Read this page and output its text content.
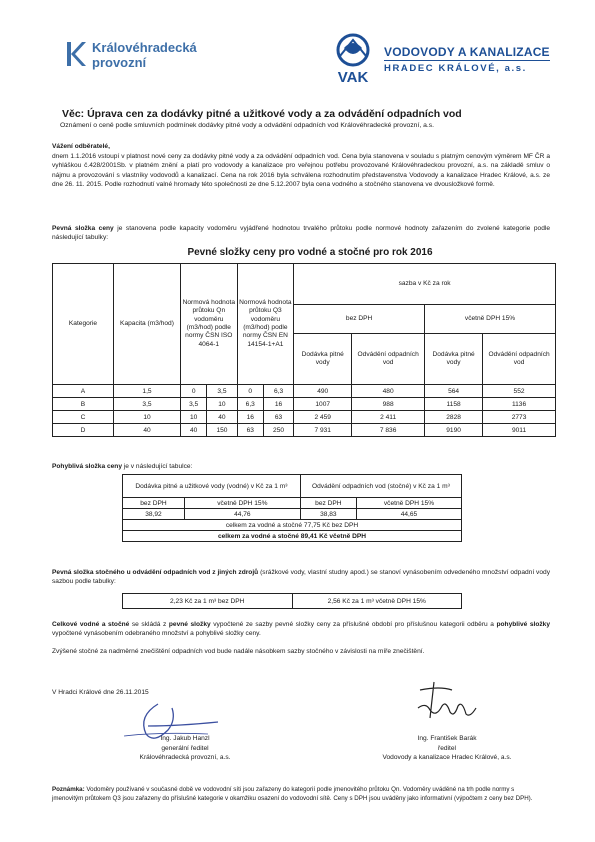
Královéhradecká
provozní
VAK
VODOVODY A KANALIZACE
HRADEC KRÁLOVÉ, a.s.
Věc: Úprava cen za dodávky pitné a užitkové vody a za odvádění odpadních vod
Oznámení o ceně podle smluvních podmínek dodávky pitné vody a odvádění odpadních vod Královéhradecké provozní, a.s.
Vážení odběratelé,
dnem 1.1.2016 vstoupí v platnost nové ceny za dodávky pitné vody a za odvádění odpadních vod. Cena byla stanovena v souladu s platným cenovým výměrem MF ČR a vyhláškou č.428/2001Sb. v platném znění a platí pro vodovody a kanalizace pro veřejnou potřebu provozované Královéhradeckou provozní, a.s. na základě smluv o nájmu a provozování s vlastníky vodovodů a kanalizací. Cena na rok 2016 byla schválena rozhodnutím představenstva Vodovody a kanalizace Hradec Králové, a.s. ze dne 26. 11. 2015. Podle rozhodnutí valné hromady této společnosti ze dne 5.12.2007 byla cena vodného a stočného stanovena ve dvousložkové formě.
Pevná složka ceny je stanovena podle kapacity vodoměru vyjádřené hodnotou trvalého průtoku podle normové hodnoty zařazením do zvolené kategorie podle následující tabulky:
Pevné složky ceny pro vodné a stočné pro rok 2016
Kategorie	Kapacita (m3/hod)	Normová hodnota průtoku Qn vodoměru (m3/hod) podle normy ČSN ISO 4064-1		Normová hodnota průtoku Q3 vodoměru (m3/hod) podle normy ČSN EN 14154-1+A1		sazba v Kč za rok			
						bez DPH		včetně DPH 15%	
						Dodávka pitné vody	Odvádění odpadních vod	Dodávka pitné vody	Odvádění odpadních vod
A	1,5	0	3,5	0	6,3	490	480	564	552
B	3,5	3,5	10	6,3	16	1007	988	1158	1136
C	10	10	40	16	63	2 459	2 411	2828	2773
D	40	40	150	63	250	7 931	7 836	9190	9011
Pohyblivá složka ceny je v následující tabulce:
Dodávka pitné a užitkové vody (vodné) v Kč za 1 m³		Odvádění odpadních vod (stočné) v Kč za 1 m³	
bez DPH	včetně DPH 15%	bez DPH	včetně DPH 15%
38,92	44,76	38,83	44,65
celkem za vodné a stočné 77,75 Kč bez DPH			
celkem za vodné a stočné 89,41 Kč včetně DPH			
Pevná složka stočného u odvádění odpadních vod z jiných zdrojů (srážkové vody, vlastní studny apod.) se stanoví vynásobením odvedeného množství odpadní vody sazbou podle tabulky:
2,23 Kč za 1 m³ bez DPH	2,56 Kč za 1 m³ včetně DPH 15%
Celkové vodné a stočné se skládá z pevné složky vypočtené ze sazby pevné složky ceny za příslušné období pro příslušnou kategorii odběru a pohyblivé složky vypočtené vynásobením odebraného množství a pohyblivé složky ceny.
Zvýšené stočné za nadměrné znečištění odpadních vod bude nadále násobkem sazby stočného v závislosti na míře znečištění.
V Hradci Králové dne 26.11.2015
Ing. Jakub Hanzl
generální ředitel
Královéhradecká provozní, a.s.
Ing. František Barák
ředitel
Vodovody a kanalizace Hradec Králové, a.s.
Poznámka: Vodoměry používané v současné době ve vodovodní síti jsou zařazeny do kategorií podle jmenovitého průtoku Qn. Vodoměry uváděné na trh podle normy s jmenovitým průtokem Q3 jsou zařazeny do příslušné kategorie v okamžiku osazení do vodovodní sítě. Ceny s DPH jsou uváděny jako informativní (výpočtem z ceny bez DPH).
